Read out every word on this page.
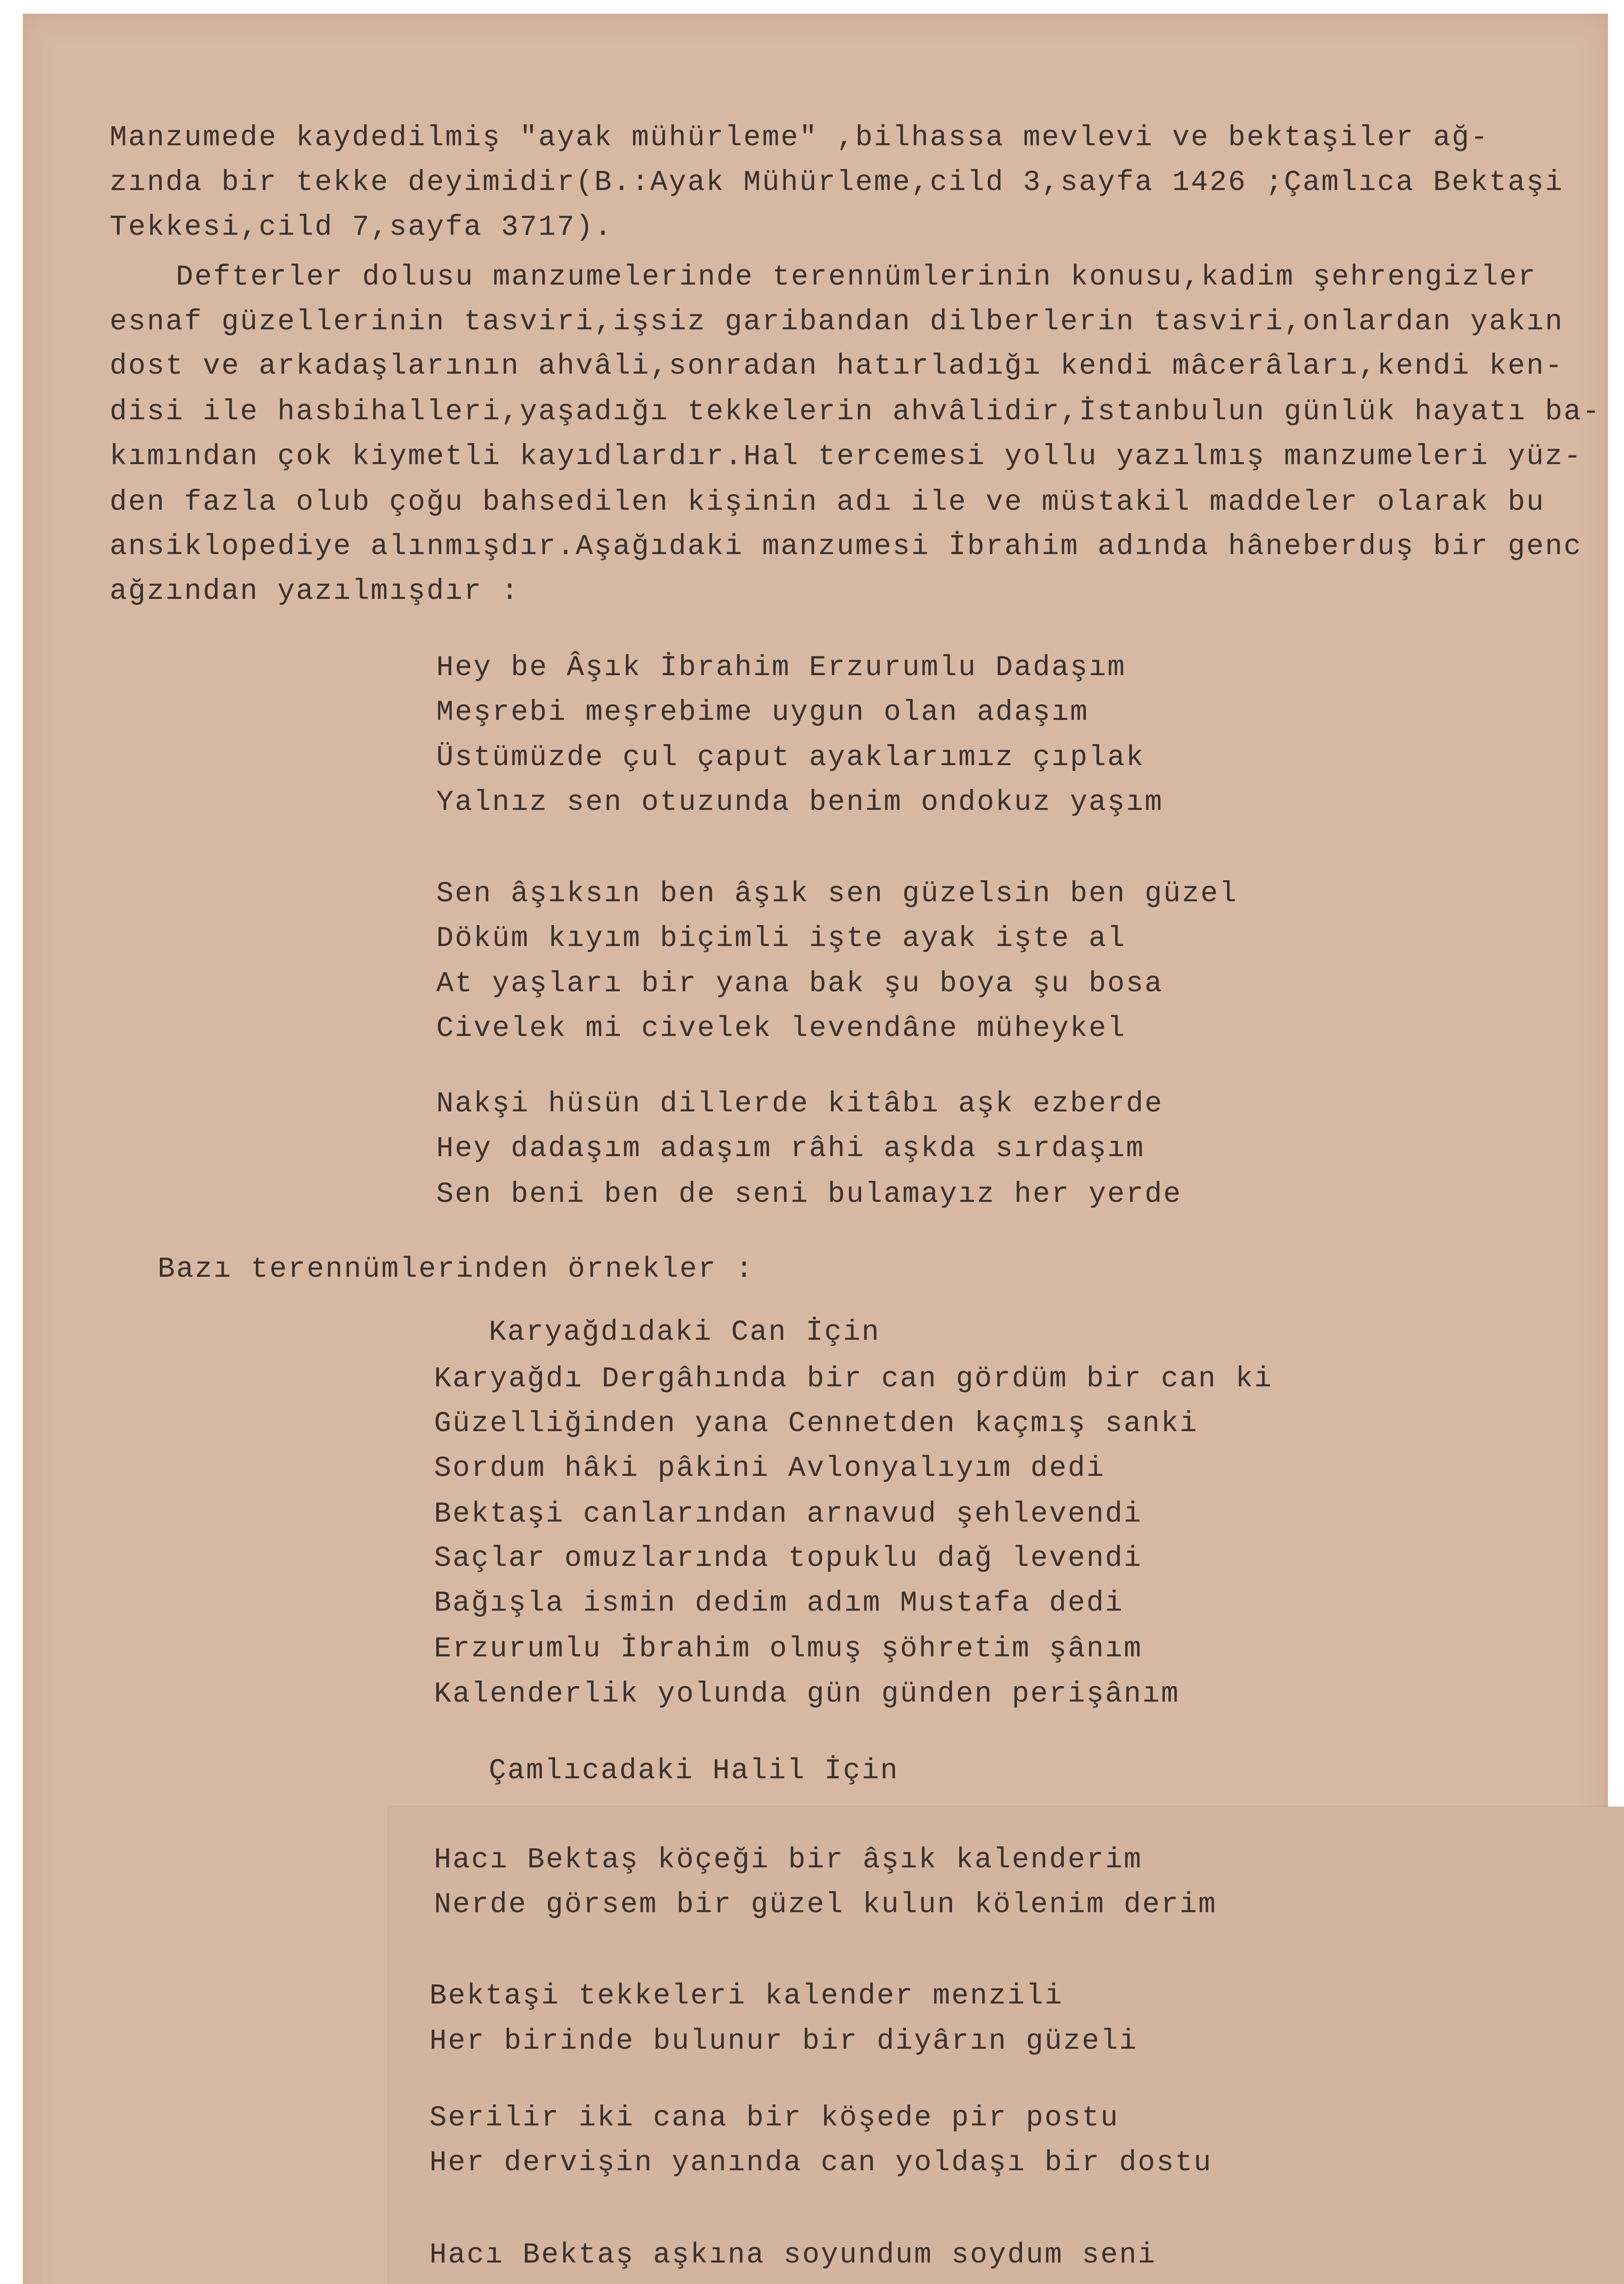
Manzumede kaydedilmiş "ayak mühürleme" ,bilhassa mevlevi ve bektaşiler ağ-
zında bir tekke deyimidir(B.:Ayak Mühürleme,cild 3,sayfa 1426 ;Çamlıca Bektaşi
Tekkesi,cild 7,sayfa 3717).
Defterler dolusu manzumelerinde terennümlerinin konusu,kadim şehrengizler
esnaf güzellerinin tasviri,işsiz garibandan dilberlerin tasviri,onlardan yakın
dost ve arkadaşlarının ahvâli,sonradan hatırladığı kendi mâcerâları,kendi ken-
disi ile hasbihalleri,yaşadığı tekkelerin ahvâlidir,İstanbulun günlük hayatı ba-
kımından çok kiymetli kayıdlardır.Hal tercemesi yollu yazılmış manzumeleri yüz-
den fazla olub çoğu bahsedilen kişinin adı ile ve müstakil maddeler olarak bu
ansiklopediye alınmışdır.Aşağıdaki manzumesi İbrahim adında hâneberduş bir genc
ağzından yazılmışdır :
Hey be Âşık İbrahim Erzurumlu Dadaşım
Meşrebi meşrebime uygun olan adaşım
Üstümüzde çul çaput ayaklarımız çıplak
Yalnız sen otuzunda benim ondokuz yaşım
Sen âşıksın ben âşık sen güzelsin ben güzel
Döküm kıyım biçimli işte ayak işte al
At yaşları bir yana bak şu boya şu bosa
Civelek mi civelek levendâne müheykel
Nakşi hüsün dillerde kitâbı aşk ezberde
Hey dadaşım adaşım râhi aşkda sırdaşım
Sen beni ben de seni bulamayız her yerde
Bazı terennümlerinden örnekler :
Karyağdıdaki Can İçin
Karyağdı Dergâhında bir can gördüm bir can ki
Güzelliğinden yana Cennetden kaçmış sanki
Sordum hâki pâkini Avlonyalıyım dedi
Bektaşi canlarından arnavud şehlevendi
Saçlar omuzlarında topuklu dağ levendi
Bağışla ismin dedim adım Mustafa dedi
Erzurumlu İbrahim olmuş şöhretim şânım
Kalenderlik yolunda gün günden perişânım
Çamlıcadaki Halil İçin
Hacı Bektaş köçeği bir âşık kalenderim
Nerde görsem bir güzel kulun kölenim derim
Bektaşi tekkeleri kalender menzili
Her birinde bulunur bir diyârın güzeli
Serilir iki cana bir köşede pir postu
Her dervişin yanında can yoldaşı bir dostu
Hacı Bektaş aşkına soyundum soydum seni
